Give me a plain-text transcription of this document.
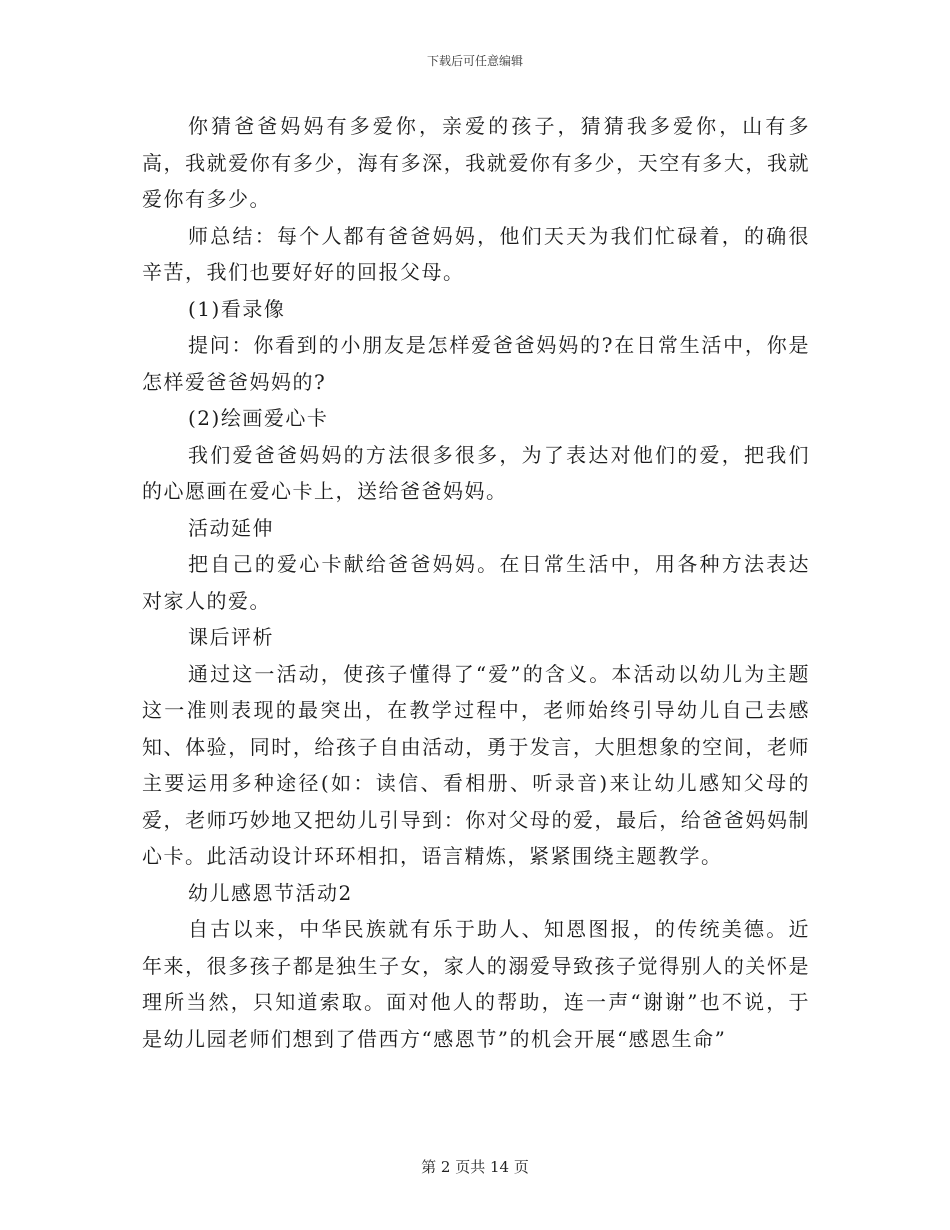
下载后可任意编辑

你猜爸爸妈妈有多爱你，亲爱的孩子，猜猜我多爱你，山有多高，我就爱你有多少，海有多深，我就爱你有多少，天空有多大，我就爱你有多少。

师总结：每个人都有爸爸妈妈，他们天天为我们忙碌着，的确很辛苦，我们也要好好的回报父母。

(1)看录像

提问：你看到的小朋友是怎样爱爸爸妈妈的?在日常生活中，你是怎样爱爸爸妈妈的?

(2)绘画爱心卡

我们爱爸爸妈妈的方法很多很多，为了表达对他们的爱，把我们的心愿画在爱心卡上，送给爸爸妈妈。

活动延伸

把自己的爱心卡献给爸爸妈妈。在日常生活中，用各种方法表达对家人的爱。

课后评析

通过这一活动，使孩子懂得了“爱”的含义。本活动以幼儿为主题这一准则表现的最突出，在教学过程中，老师始终引导幼儿自己去感知、体验，同时，给孩子自由活动，勇于发言，大胆想象的空间，老师主要运用多种途径(如：读信、看相册、听录音)来让幼儿感知父母的爱，老师巧妙地又把幼儿引导到：你对父母的爱，最后，给爸爸妈妈制心卡。此活动设计环环相扣，语言精炼，紧紧围绕主题教学。

幼儿感恩节活动2

自古以来，中华民族就有乐于助人、知恩图报，的传统美德。近年来，很多孩子都是独生子女，家人的溺爱导致孩子觉得别人的关怀是理所当然，只知道索取。面对他人的帮助，连一声“谢谢”也不说，于是幼儿园老师们想到了借西方“感恩节”的机会开展“感恩生命”

第 2 页共 14 页
